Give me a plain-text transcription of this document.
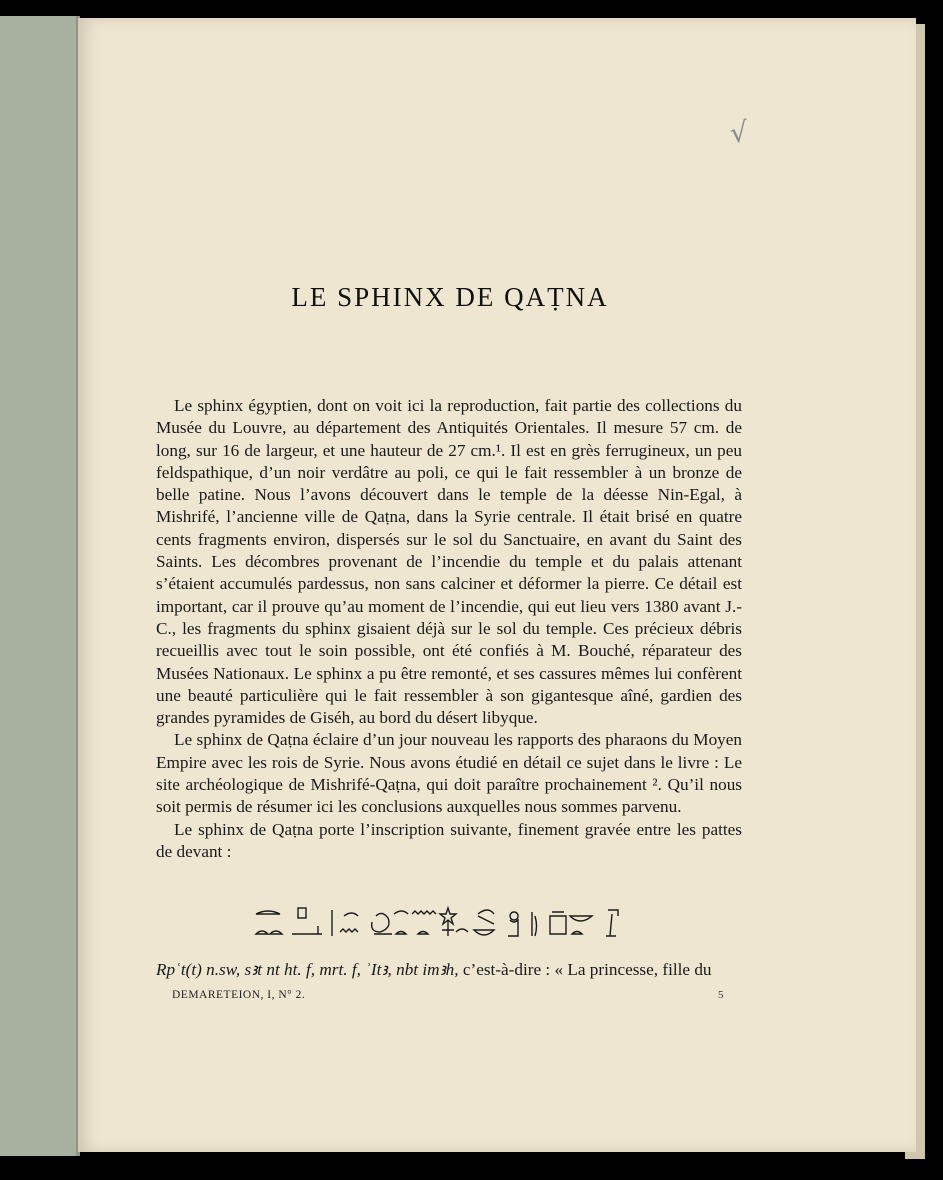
√
LE SPHINX DE QAṬNA

Le sphinx égyptien, dont on voit ici la reproduction, fait partie des collections du Musée du Louvre, au département des Antiquités Orientales. Il mesure 57 cm. de long, sur 16 de largeur, et une hauteur de 27 cm.¹. Il est en grès ferrugineux, un peu feldspathique, d’un noir verdâtre au poli, ce qui le fait ressembler à un bronze de belle patine. Nous l’avons découvert dans le temple de la déesse Nin-Egal, à Mishrifé, l’ancienne ville de Qaṭna, dans la Syrie centrale. Il était brisé en quatre cents fragments environ, dispersés sur le sol du Sanctuaire, en avant du Saint des Saints. Les décombres provenant de l’incendie du temple et du palais attenant s’étaient accumulés pardessus, non sans calciner et déformer la pierre. Ce détail est important, car il prouve qu’au moment de l’incendie, qui eut lieu vers 1380 avant J.-C., les fragments du sphinx gisaient déjà sur le sol du temple. Ces précieux débris recueillis avec tout le soin possible, ont été confiés à M. Bouché, réparateur des Musées Nationaux. Le sphinx a pu être remonté, et ses cassures mêmes lui confèrent une beauté particulière qui le fait ressembler à son gigantesque aîné, gardien des grandes pyramides de Giséh, au bord du désert libyque.

Le sphinx de Qaṭna éclaire d’un jour nouveau les rapports des pharaons du Moyen Empire avec les rois de Syrie. Nous avons étudié en détail ce sujet dans le livre : Le site archéologique de Mishrifé-Qaṭna, qui doit paraître prochainement ². Qu’il nous soit permis de résumer ici les conclusions auxquelles nous sommes parvenu.

Le sphinx de Qaṭna porte l’inscription suivante, finement gravée entre les pattes de devant :

Rpʿt(t) n.sw, sꜣt nt ht. f, mrt. f, ʾItꜣ, nbt imꜣh, c’est-à-dire : « La princesse, fille du
DEMARETEION, I, N° 2.	5
